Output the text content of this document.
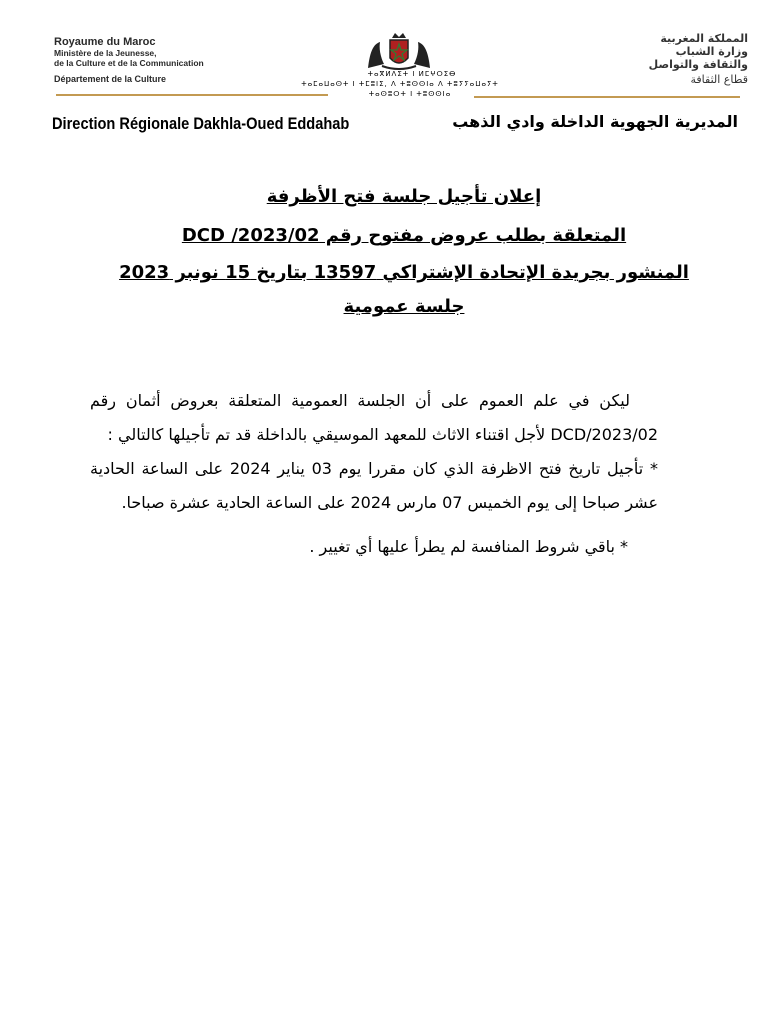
Royaume du Maroc
Ministère de la Jeunesse,
de la Culture et de la Communication
Département de la Culture	ⵜⴰⴳⵍⴷⵉⵜ ⵏ ⵍⵎⵖⵔⵉⴱ
ⵜⴰⵎⴰⵡⴰⵙⵜ ⵏ ⵜⵎⵓⵏⵉ, ⴷ ⵜⵓⵙⵙⵏⴰ ⴷ ⵜⵓⵢⵢⴰⵡⴰⵢⵜ
ⵜⴰⵙⵓⵔⵜ ⵏ ⵜⵓⵙⵙⵏⴰ
المملكة المغربية
وزارة الشباب
والثقافة والتواصل
قطاع الثقافة
Direction Régionale Dakhla-Oued Eddahab	المديرية الجهوية الداخلة وادي الذهب
إعلان تأجيل جلسة فتح الأظرفة
المتعلقة بطلب عروض مفتوح رقم DCD /2023/02
المنشور بجريدة الإتحادة الإشتراكي 13597 بتاريخ 15 نونبر 2023
جلسة عمومية

ليكن في علم العموم على أن الجلسة العمومية المتعلقة بعروض أثمان رقم DCD/2023/02 لأجل اقتناء الاثاث للمعهد الموسيقي بالداخلة قد تم تأجيلها كالتالي :

* تأجيل تاريخ فتح الاظرفة الذي كان مقررا يوم 03 يناير 2024 على الساعة الحادية عشر صباحا إلى يوم الخميس 07 مارس 2024 على الساعة الحادية عشرة صباحا.

* باقي شروط المنافسة لم يطرأ عليها أي تغيير .
